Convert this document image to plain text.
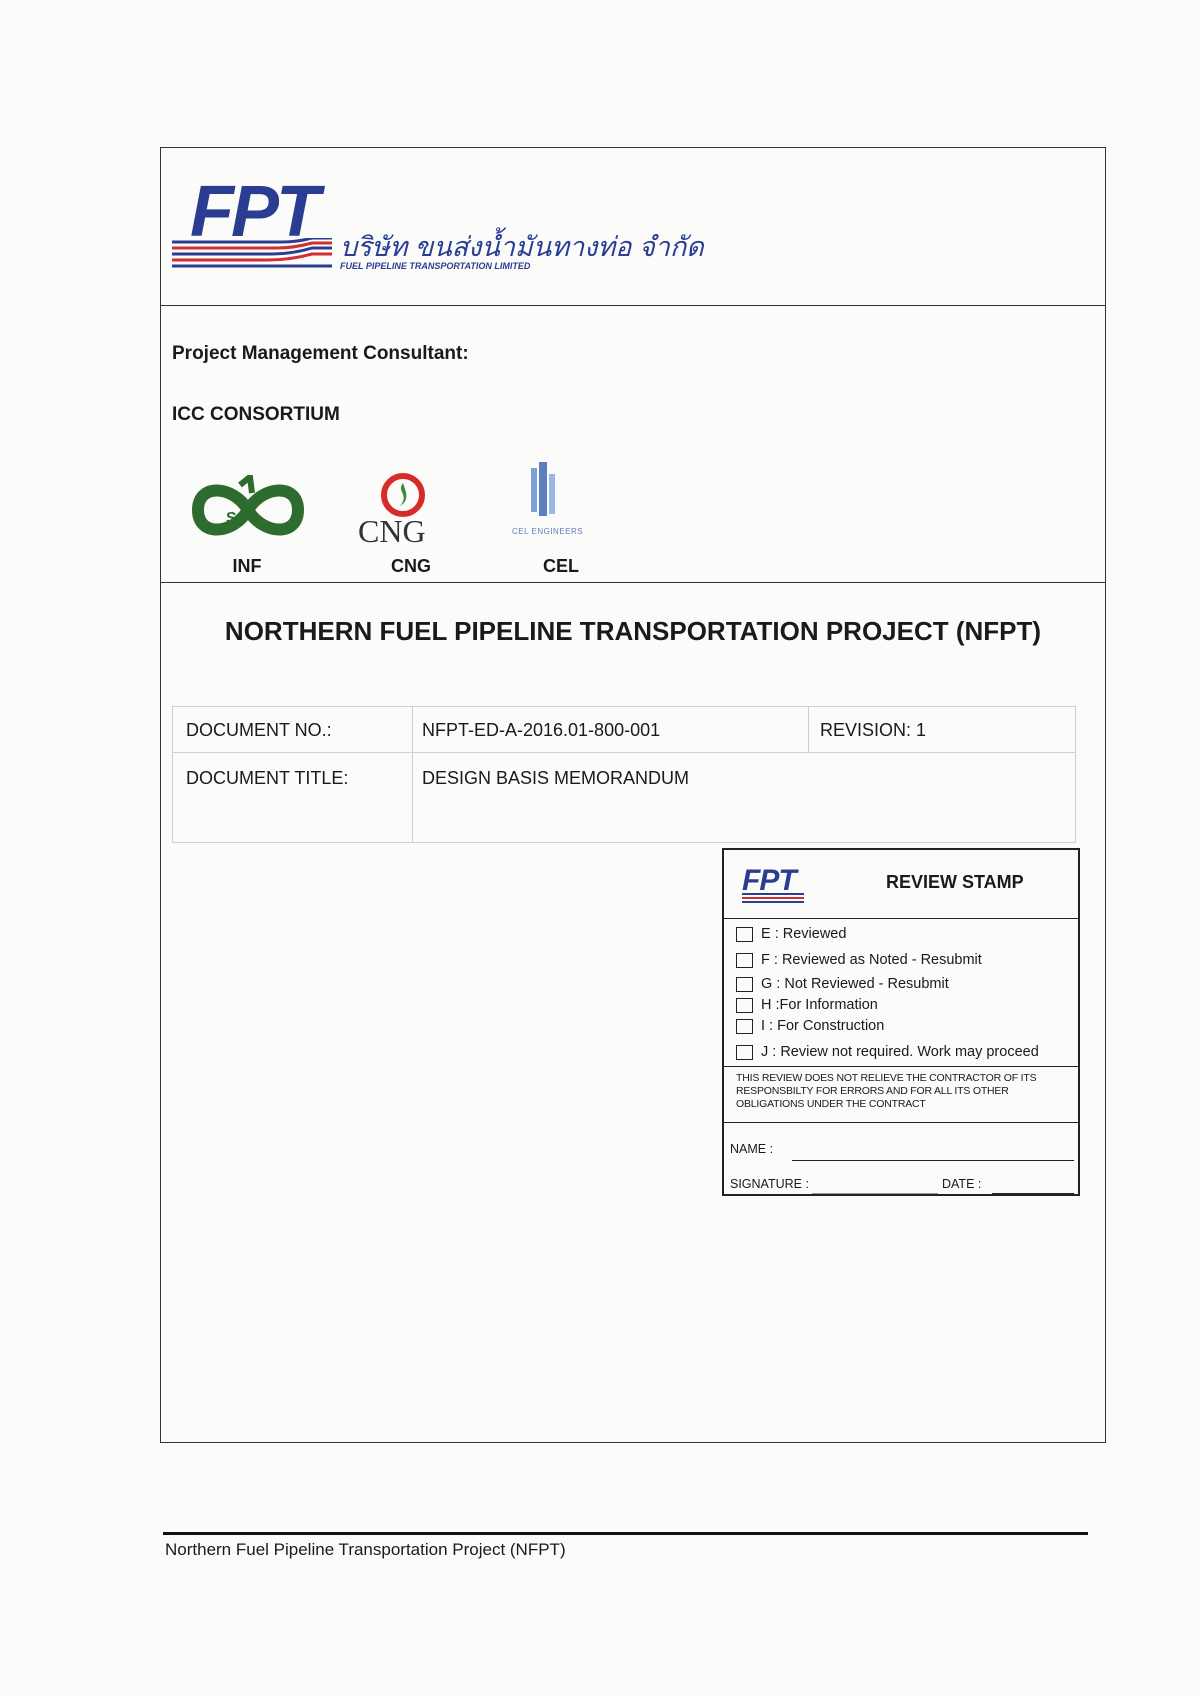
FPT บริษัท ขนส่งน้ำมันทางท่อ จำกัด
FUEL PIPELINE TRANSPORTATION LIMITED
Project Management Consultant:
ICC CONSORTIUM
S
INF
CNG
CNG
CEL ENGINEERS
CEL
NORTHERN FUEL PIPELINE TRANSPORTATION PROJECT (NFPT)
DOCUMENT NO.:	NFPT-ED-A-2016.01-800-001	REVISION: 1
DOCUMENT TITLE:	DESIGN BASIS MEMORANDUM
FPT	REVIEW STAMP
E : Reviewed
F : Reviewed as Noted - Resubmit
G : Not Reviewed - Resubmit
H :For Information
I : For Construction
J : Review not required. Work may proceed
THIS REVIEW DOES NOT RELIEVE THE CONTRACTOR OF ITS RESPONSBILTY FOR ERRORS AND FOR ALL ITS OTHER OBLIGATIONS UNDER THE CONTRACT
NAME :
SIGNATURE :	DATE :
Northern Fuel Pipeline Transportation Project (NFPT)
